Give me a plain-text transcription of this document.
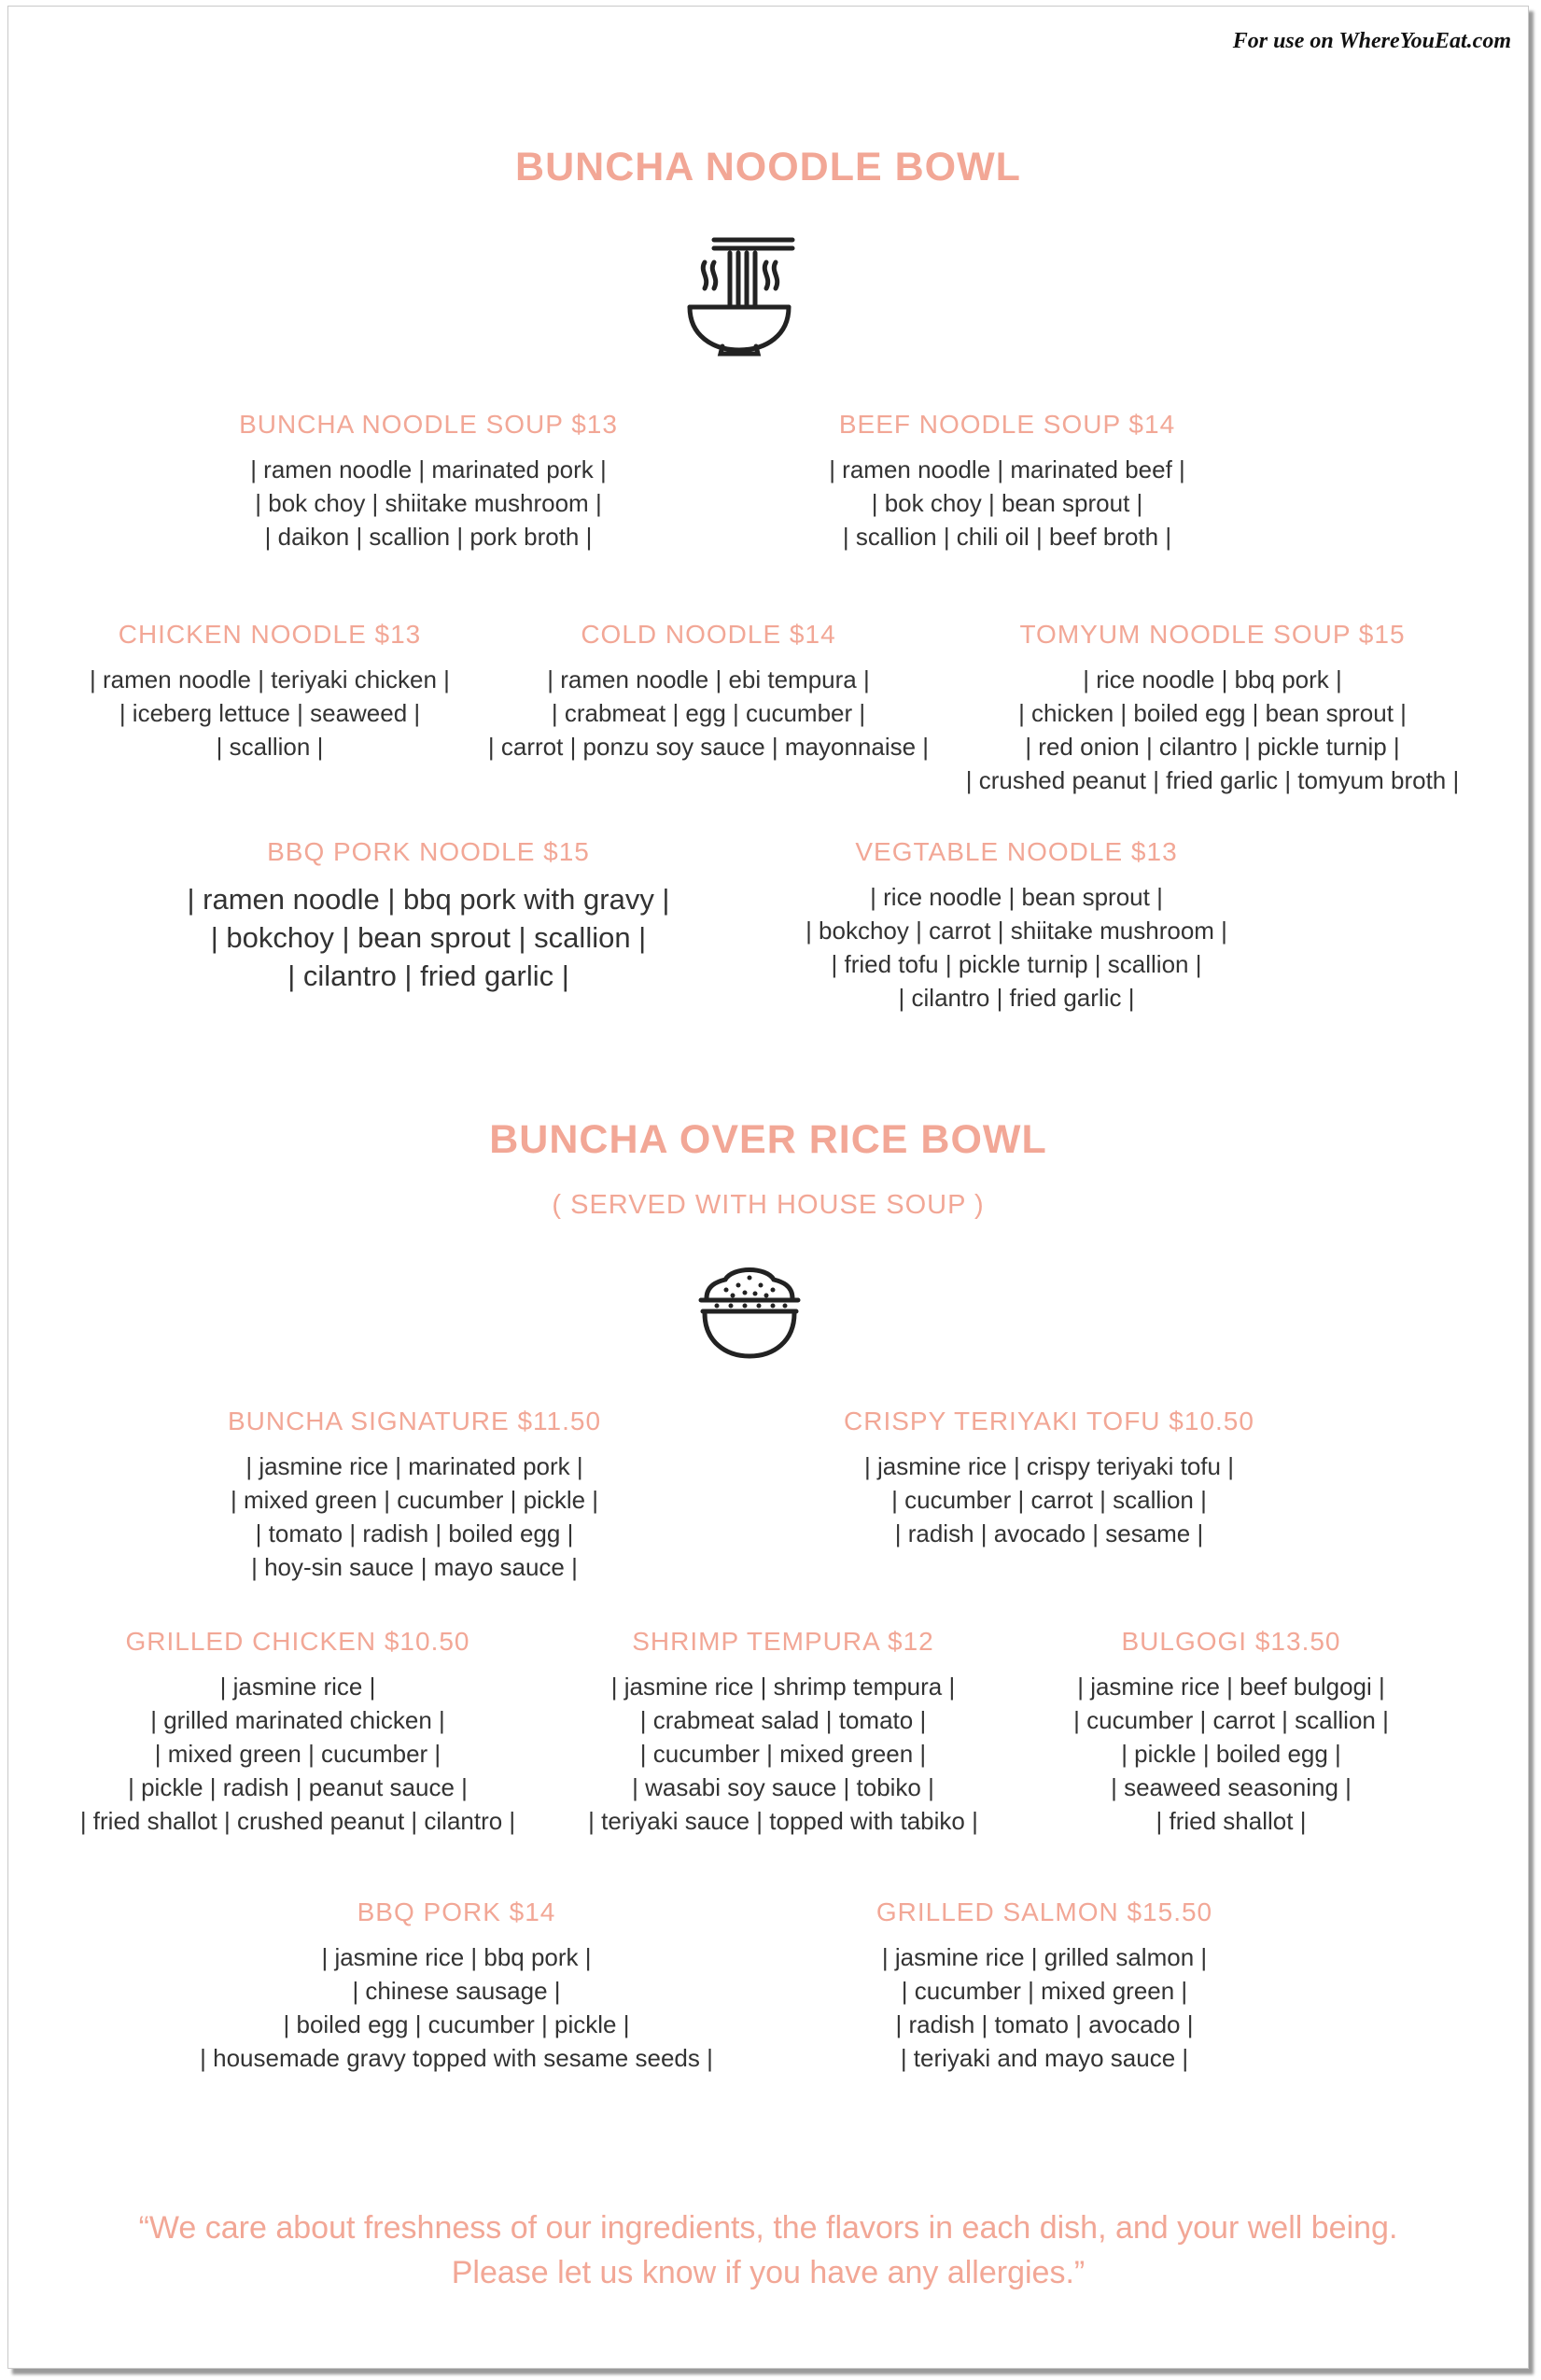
For use on WhereYouEat.com
BUNCHA NOODLE BOWL
BUNCHA NOODLE SOUP $13
| ramen noodle | marinated pork |
| bok choy | shiitake mushroom |
| daikon | scallion | pork broth |
BEEF NOODLE SOUP $14
| ramen noodle | marinated beef |
| bok choy | bean sprout |
| scallion | chili oil | beef broth |
CHICKEN NOODLE $13
| ramen noodle | teriyaki chicken |
| iceberg lettuce | seaweed |
| scallion |
COLD NOODLE $14
| ramen noodle | ebi tempura |
| crabmeat | egg | cucumber |
| carrot | ponzu soy sauce | mayonnaise |
TOMYUM NOODLE SOUP $15
| rice noodle | bbq pork |
| chicken | boiled egg | bean sprout |
| red onion | cilantro | pickle turnip |
| crushed peanut | fried garlic | tomyum broth |
BBQ PORK NOODLE $15
| ramen noodle | bbq pork with gravy |
| bokchoy | bean sprout | scallion |
| cilantro | fried garlic |
VEGTABLE NOODLE $13
| rice noodle | bean sprout |
| bokchoy | carrot | shiitake mushroom |
| fried tofu | pickle turnip | scallion |
| cilantro | fried garlic |
BUNCHA OVER RICE BOWL
( SERVED WITH HOUSE SOUP )
BUNCHA SIGNATURE $11.50
| jasmine rice | marinated pork |
| mixed green | cucumber | pickle |
| tomato | radish | boiled egg |
| hoy-sin sauce | mayo sauce |
CRISPY TERIYAKI TOFU $10.50
| jasmine rice | crispy teriyaki tofu |
| cucumber | carrot | scallion |
| radish | avocado | sesame |
GRILLED CHICKEN $10.50
| jasmine rice |
| grilled marinated chicken |
| mixed green | cucumber |
| pickle | radish | peanut sauce |
| fried shallot | crushed peanut | cilantro |
SHRIMP TEMPURA $12
| jasmine rice | shrimp tempura |
| crabmeat salad | tomato |
| cucumber | mixed green |
| wasabi soy sauce | tobiko |
| teriyaki sauce | topped with tabiko |
BULGOGI $13.50
| jasmine rice | beef bulgogi |
| cucumber | carrot | scallion |
| pickle | boiled egg |
| seaweed seasoning |
| fried shallot |
BBQ PORK $14
| jasmine rice | bbq pork |
| chinese sausage |
| boiled egg | cucumber | pickle |
| housemade gravy topped with sesame seeds |
GRILLED SALMON $15.50
| jasmine rice | grilled salmon |
| cucumber | mixed green |
| radish | tomato | avocado |
| teriyaki and mayo sauce |
“We care about freshness of our ingredients, the flavors in each dish, and your well being.
Please let us know if you have any allergies.”
